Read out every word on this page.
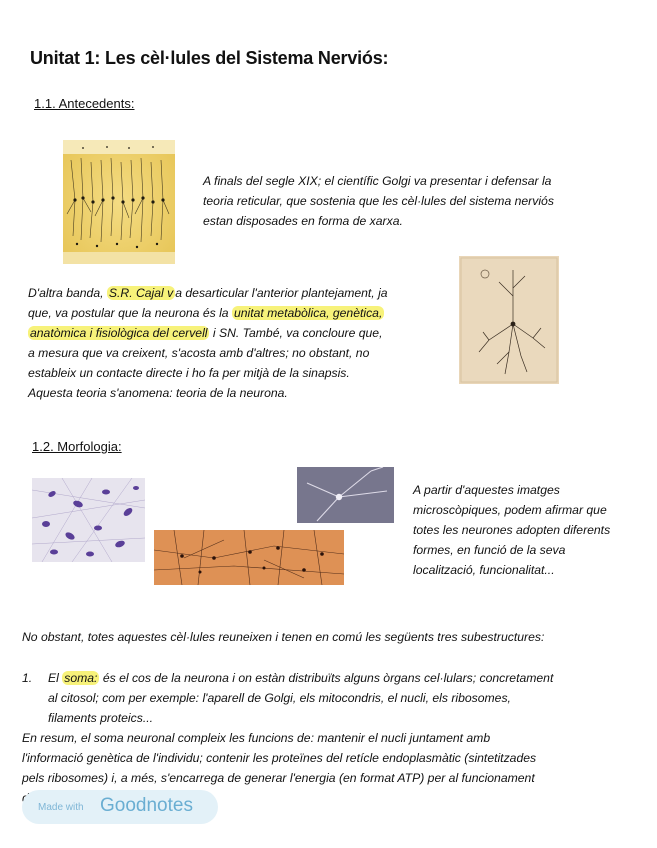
Unitat 1: Les cèl·lules del Sistema Nerviós:
1.1. Antecedents:
A finals del segle XIX; el científic Golgi va presentar i defensar la
teoria reticular, que sostenia que les cèl·lules del sistema nerviós
estan disposades en forma de xarxa.
D'altra banda, S.R. Cajal v a desarticular l'anterior plantejament, ja
que, va postular que la neurona és la unitat metabòlica, genètica,
anatòmica i fisiològica del cervell i SN. També, va concloure que,
a mesura que va creixent, s'acosta amb d'altres; no obstant, no
estableix un contacte directe i ho fa per mitjà de la sinapsis.
Aquesta teoria s'anomena: teoria de la neurona.
1.2. Morfologia:
A partir d'aquestes imatges
microscòpiques, podem afirmar que
totes les neurones adopten diferents
formes, en funció de la seva
localització, funcionalitat...
No obstant, totes aquestes cèl·lules reuneixen i tenen en comú les següents tres subestructures:
1.	El soma: és el cos de la neurona i on estàn distribuïts alguns òrgans cel·lulars; concretament
al citosol; com per exemple: l'aparell de Golgi, els mitocondris, el nucli, els ribosomes,
filaments proteics...
En resum, el soma neuronal compleix les funcions de: mantenir el nucli juntament amb
l'informació genètica de l'individu; contenir les proteïnes del retícle endoplasmàtic (sintetitzades
pels ribosomes) i, a més, s'encarrega de generar l'energia (en format ATP) per al funcionament
Made with Goodnotes
